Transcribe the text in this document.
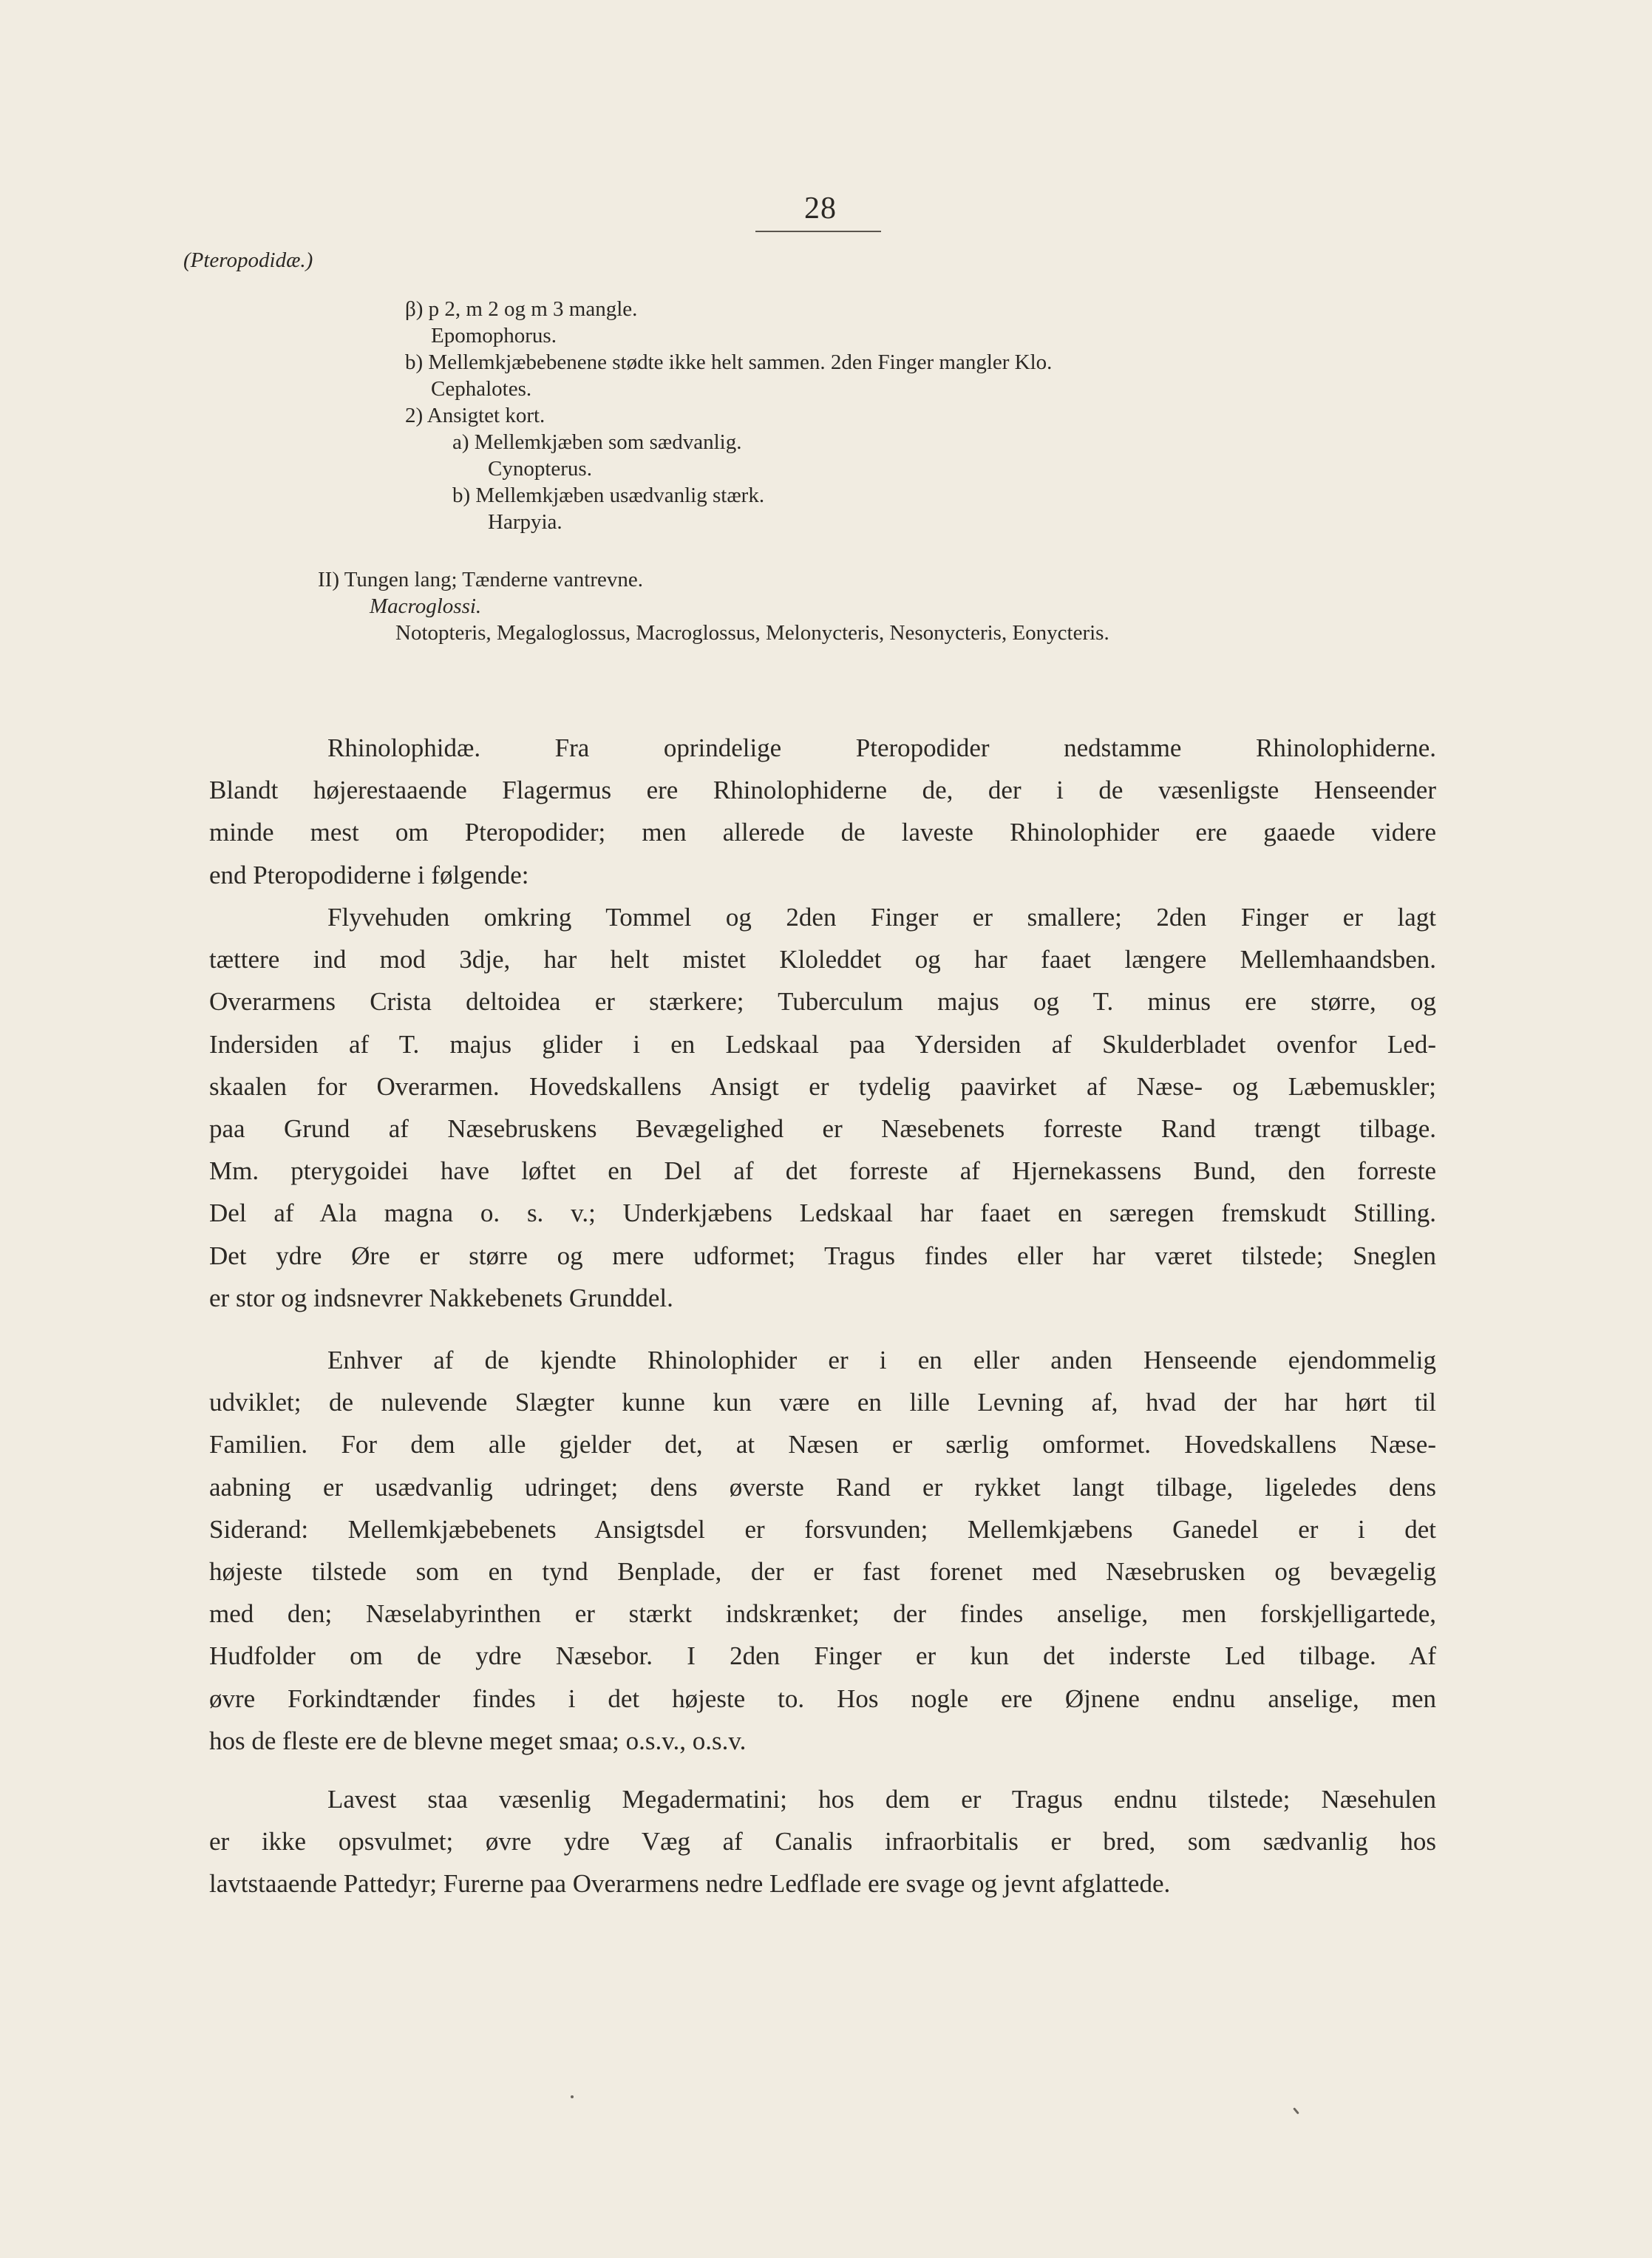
28
(Pteropodidæ.)
β) p 2, m 2 og m 3 mangle.
Epomophorus.
b) Mellemkjæbebenene stødte ikke helt sammen. 2den Finger mangler Klo.
Cephalotes.
2) Ansigtet kort.
a) Mellemkjæben som sædvanlig.
Cynopterus.
b) Mellemkjæben usædvanlig stærk.
Harpyia.
II) Tungen lang; Tænderne vantrevne.
Macroglossi.
Notopteris, Megaloglossus, Macroglossus, Melonycteris, Nesonycteris, Eonycteris.
Rhinolophidæ. Fra oprindelige Pteropodider nedstamme Rhinolophiderne.
Blandt højerestaaende Flagermus ere Rhinolophiderne de, der i de væsenligste Henseender
minde mest om Pteropodider; men allerede de laveste Rhinolophider ere gaaede videre
end Pteropodiderne i følgende:
Flyvehuden omkring Tommel og 2den Finger er smallere; 2den Finger er lagt
tættere ind mod 3dje, har helt mistet Kloleddet og har faaet længere Mellemhaandsben.
Overarmens Crista deltoidea er stærkere; Tuberculum majus og T. minus ere større, og
Indersiden af T. majus glider i en Ledskaal paa Ydersiden af Skulderbladet ovenfor Led-
skaalen for Overarmen. Hovedskallens Ansigt er tydelig paavirket af Næse- og Læbemuskler;
paa Grund af Næsebruskens Bevægelighed er Næsebenets forreste Rand trængt tilbage.
Mm. pterygoidei have løftet en Del af det forreste af Hjernekassens Bund, den forreste
Del af Ala magna o. s. v.; Underkjæbens Ledskaal har faaet en særegen fremskudt Stilling.
Det ydre Øre er større og mere udformet; Tragus findes eller har været tilstede; Sneglen
er stor og indsnevrer Nakkebenets Grunddel.
Enhver af de kjendte Rhinolophider er i en eller anden Henseende ejendommelig
udviklet; de nulevende Slægter kunne kun være en lille Levning af, hvad der har hørt til
Familien. For dem alle gjelder det, at Næsen er særlig omformet. Hovedskallens Næse-
aabning er usædvanlig udringet; dens øverste Rand er rykket langt tilbage, ligeledes dens
Siderand: Mellemkjæbebenets Ansigtsdel er forsvunden; Mellemkjæbens Ganedel er i det
højeste tilstede som en tynd Benplade, der er fast forenet med Næsebrusken og bevægelig
med den; Næselabyrinthen er stærkt indskrænket; der findes anselige, men forskjelligartede,
Hudfolder om de ydre Næsebor. I 2den Finger er kun det inderste Led tilbage. Af
øvre Forkindtænder findes i det højeste to. Hos nogle ere Øjnene endnu anselige, men
hos de fleste ere de blevne meget smaa; o.s.v., o.s.v.
Lavest staa væsenlig Megadermatini; hos dem er Tragus endnu tilstede; Næsehulen
er ikke opsvulmet; øvre ydre Væg af Canalis infraorbitalis er bred, som sædvanlig hos
lavtstaaende Pattedyr; Furerne paa Overarmens nedre Ledflade ere svage og jevnt afglattede.
